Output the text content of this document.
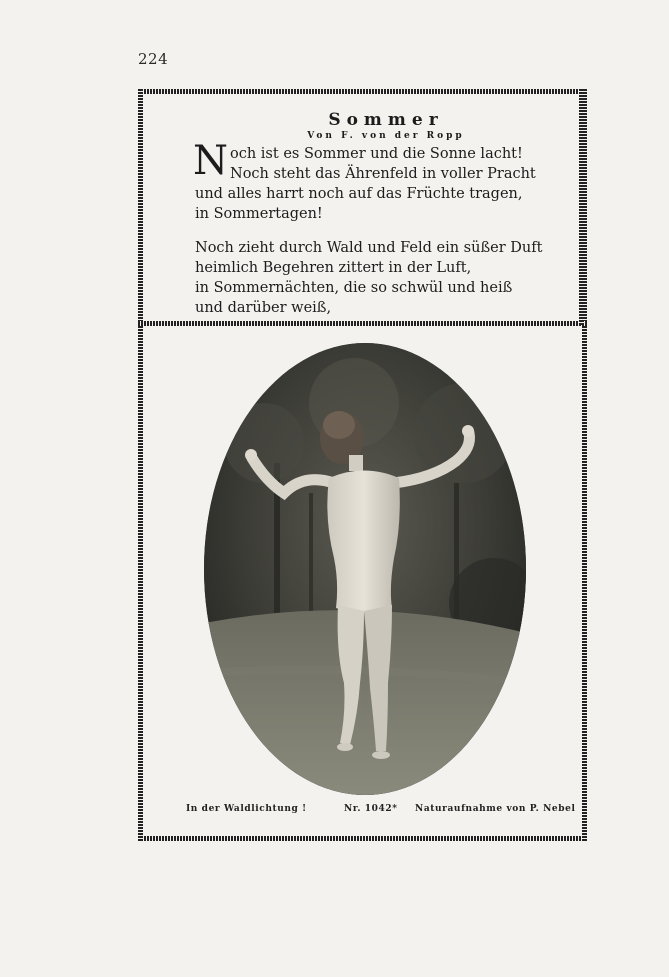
224
Sommer
Von F. von der Ropp

N och ist es Sommer und die Sonne lacht!
Noch steht das Ährenfeld in voller Pracht
und alles harrt noch auf das Früchte tragen,
in Sommertagen!

Noch zieht durch Wald und Feld ein süßer Duft
heimlich Begehren zittert in der Luft,
in Sommernächten, die so schwül und heiß
und darüber weiß,

In der Waldlichtung !	Nr. 1042* Naturaufnahme von P. Nebel
